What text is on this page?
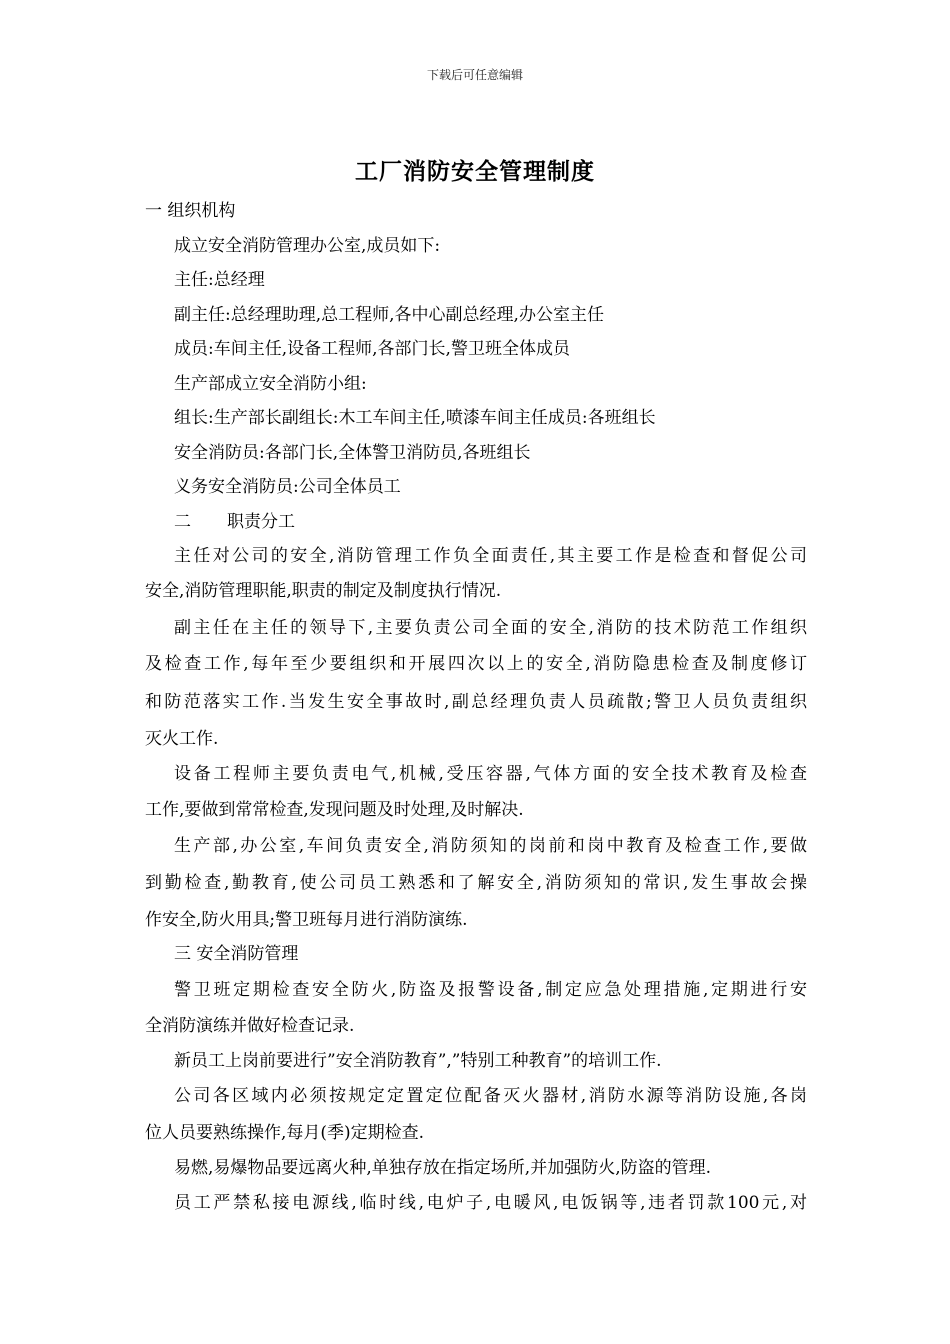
下载后可任意编辑
工厂消防安全管理制度
一 组织机构
成立安全消防管理办公室,成员如下:
主任:总经理
副主任:总经理助理,总工程师,各中心副总经理,办公室主任
成员:车间主任,设备工程师,各部门长,警卫班全体成员
生产部成立安全消防小组:
组长:生产部长副组长:木工车间主任,喷漆车间主任成员:各班组长
安全消防员:各部门长,全体警卫消防员,各班组长
义务安全消防员:公司全体员工
二 职责分工
主任对公司的安全,消防管理工作负全面责任,其主要工作是检查和督促公司
安全,消防管理职能,职责的制定及制度执行情况.
副主任在主任的领导下,主要负责公司全面的安全,消防的技术防范工作组织
及检查工作,每年至少要组织和开展四次以上的安全,消防隐患检查及制度修订
和防范落实工作.当发生安全事故时,副总经理负责人员疏散;警卫人员负责组织
灭火工作.
设备工程师主要负责电气,机械,受压容器,气体方面的安全技术教育及检查
工作,要做到常常检查,发现问题及时处理,及时解决.
生产部,办公室,车间负责安全,消防须知的岗前和岗中教育及检查工作,要做
到勤检查,勤教育,使公司员工熟悉和了解安全,消防须知的常识,发生事故会操
作安全,防火用具;警卫班每月进行消防演练.
三 安全消防管理
警卫班定期检查安全防火,防盗及报警设备,制定应急处理措施,定期进行安
全消防演练并做好检查记录.
新员工上岗前要进行”安全消防教育”,”特别工种教育”的培训工作.
公司各区域内必须按规定定置定位配备灭火器材,消防水源等消防设施,各岗
位人员要熟练操作,每月(季)定期检查.
易燃,易爆物品要远离火种,单独存放在指定场所,并加强防火,防盗的管理.
员工严禁私接电源线,临时线,电炉子,电暖风,电饭锅等,违者罚款100元,对
